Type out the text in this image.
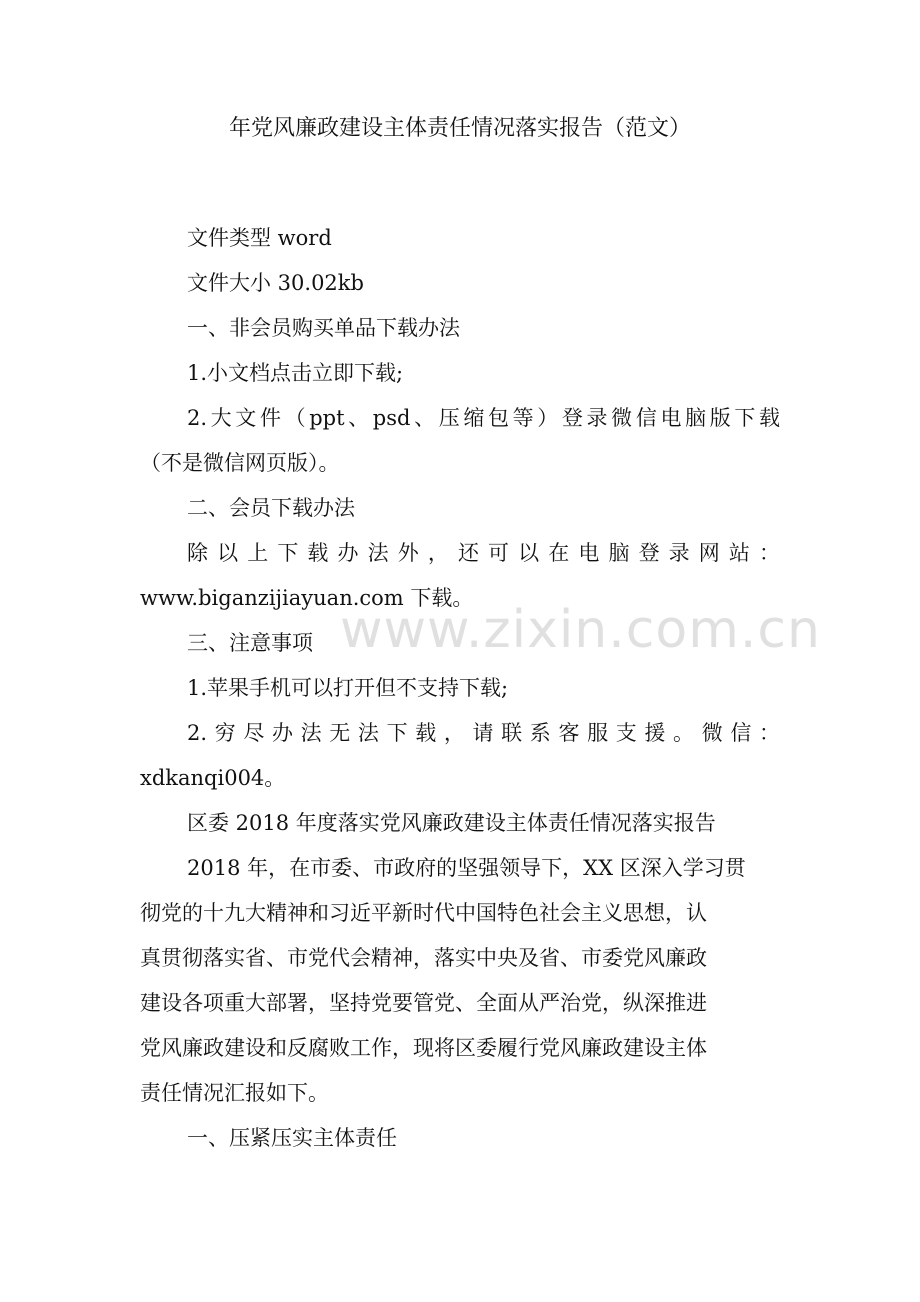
www.zixin.com.cn
年党风廉政建设主体责任情况落实报告（范文）
文件类型 word
文件大小 30.02kb
一、非会员购买单品下载办法
1.小文档点击立即下载;
2.大文件（ppt、psd、压缩包等）登录微信电脑版下载
（不是微信网页版）。
二、会员下载办法
除以上下载办法外，还可以在电脑登录网站：
www.biganzijiayuan.com 下载。
三、注意事项
1.苹果手机可以打开但不支持下载;
2.穷尽办法无法下载，请联系客服支援。微信：
xdkanqi004。
区委 2018 年度落实党风廉政建设主体责任情况落实报告
2018 年，在市委、市政府的坚强领导下，XX 区深入学习贯
彻党的十九大精神和习近平新时代中国特色社会主义思想，认
真贯彻落实省、市党代会精神，落实中央及省、市委党风廉政
建设各项重大部署，坚持党要管党、全面从严治党，纵深推进
党风廉政建设和反腐败工作，现将区委履行党风廉政建设主体
责任情况汇报如下。
一、压紧压实主体责任
